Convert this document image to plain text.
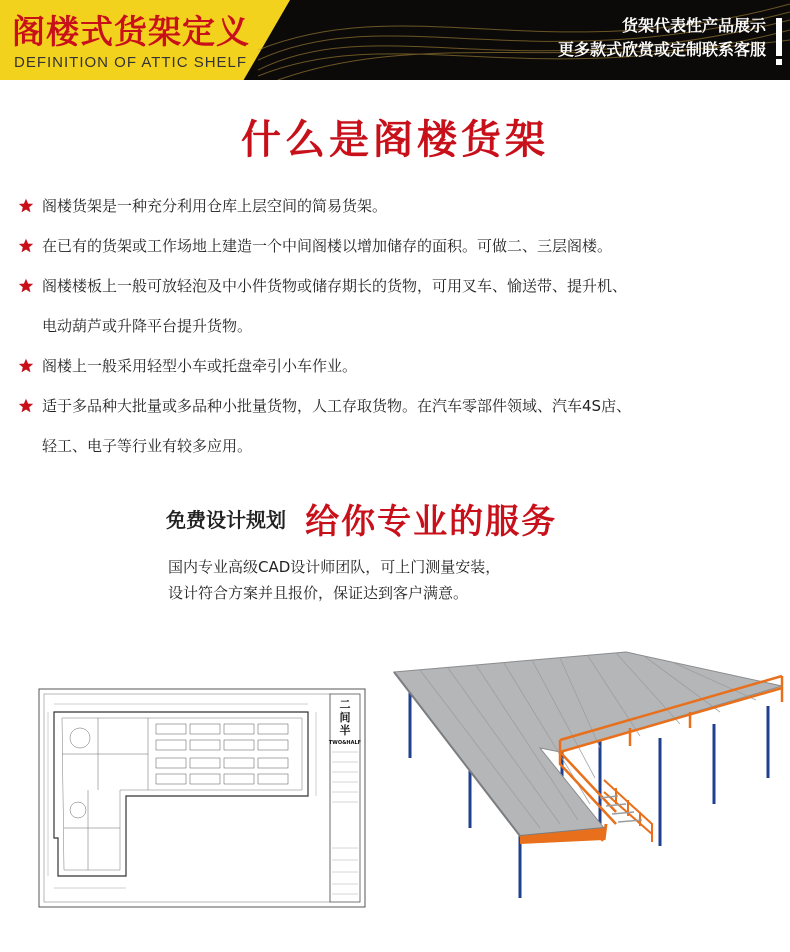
阁楼式货架定义
DEFINITION OF ATTIC SHELF
货架代表性产品展示
更多款式欣赏或定制联系客服
什么是阁楼货架
阁楼货架是一种充分利用仓库上层空间的简易货架。
在已有的货架或工作场地上建造一个中间阁楼以增加储存的面积。可做二、三层阁楼。
阁楼楼板上一般可放轻泡及中小件货物或储存期长的货物，可用叉车、愉送带、提升机、
电动葫芦或升降平台提升货物。
阁楼上一般采用轻型小车或托盘牵引小车作业。
适于多品种大批量或多品种小批量货物，人工存取货物。在汽车零部件领域、汽车4S店、
轻工、电子等行业有较多应用。
免费设计规划 给你专业的服务
国内专业高级CAD设计师团队，可上门测量安装，
设计符合方案并且报价，保证达到客户满意。
二
间
半
TWO&HALF
